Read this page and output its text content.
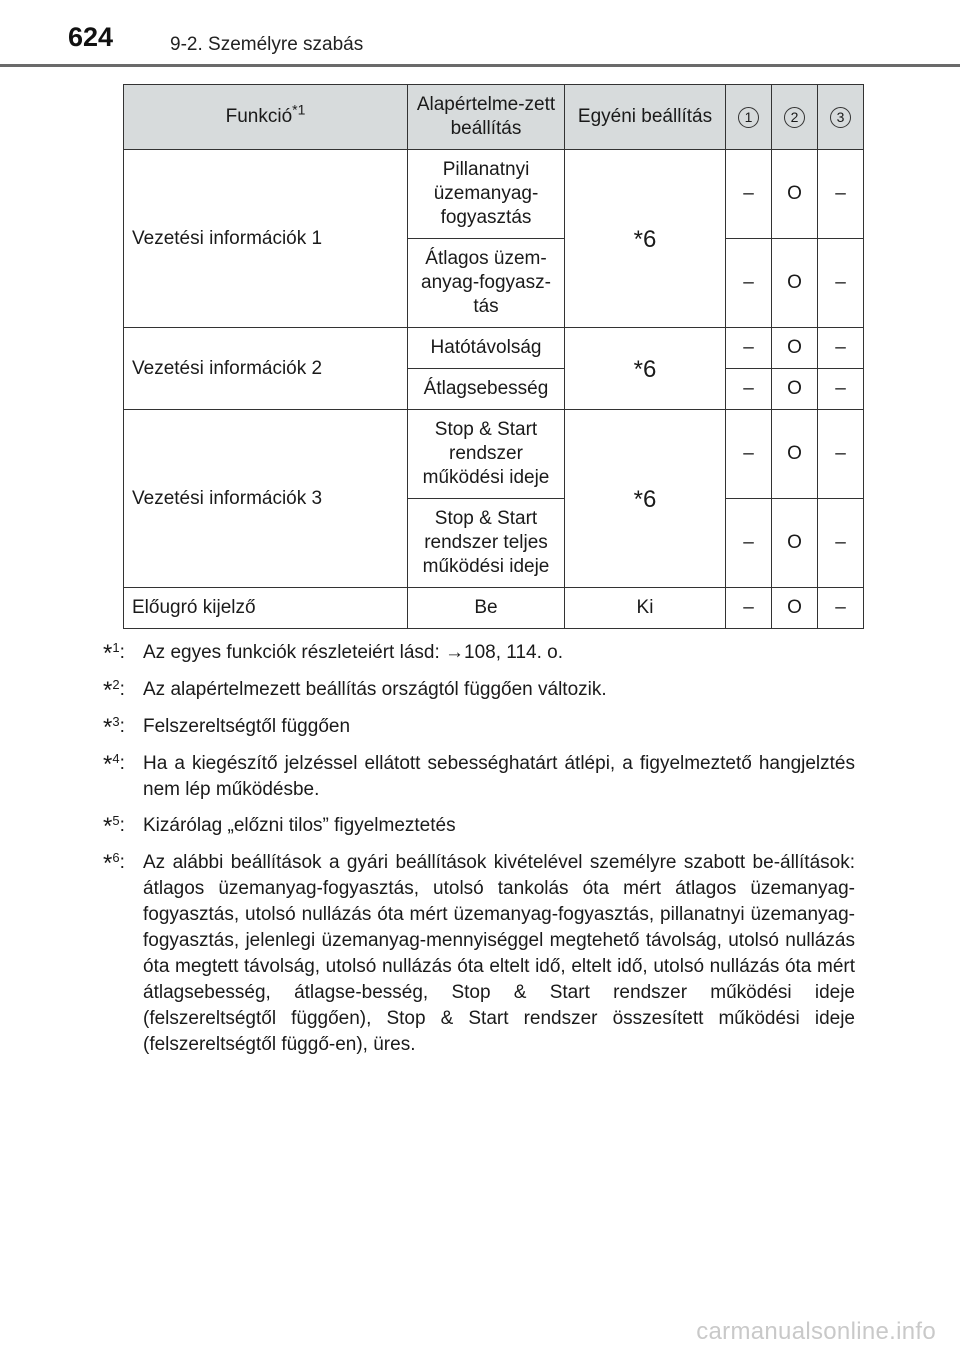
624	9-2. Személyre szabás
Funkció$^{*1}$	Alapértelme-zett beállítás	Egyéni beállítás	1	2	3
Vezetési információk 1	Pillanatnyi üzemanyag-fogyasztás	*6	–	O	–
	Átlagos üzem-anyag-fogyasz-tás		–	O	–
Vezetési információk 2	Hatótávolság	*6	–	O	–
	Átlagsebesség		–	O	–
Vezetési információk 3	Stop & Start rendszer működési ideje	*6	–	O	–
	Stop & Start rendszer teljes működési ideje		–	O	–
Előugró kijelző	Be	Ki	–	O	–
*$^1$: Az egyes funkciók részleteiért lásd: →108, 114. o.
*$^2$: Az alapértelmezett beállítás országtól függően változik.
*$^3$: Felszereltségtől függően
*$^4$: Ha a kiegészítő jelzéssel ellátott sebességhatárt átlépi, a figyelmeztető hangjelztés nem lép működésbe.
*$^5$: Kizárólag „előzni tilos” figyelmeztetés
*$^6$: Az alábbi beállítások a gyári beállítások kivételével személyre szabott be-állítások: átlagos üzemanyag-fogyasztás, utolsó tankolás óta mért átlagos üzemanyag-fogyasztás, utolsó nullázás óta mért üzemanyag-fogyasztás, pillanatnyi üzemanyag-fogyasztás, jelenlegi üzemanyag-mennyiséggel megtehető távolság, utolsó nullázás óta megtett távolság, utolsó nullázás óta eltelt idő, eltelt idő, utolsó nullázás óta mért átlagsebesség, átlagse-besség, Stop & Start rendszer működési ideje (felszereltségtől függően), Stop & Start rendszer összesített működési ideje (felszereltségtől függő-en), üres.
carmanualsonline.info
